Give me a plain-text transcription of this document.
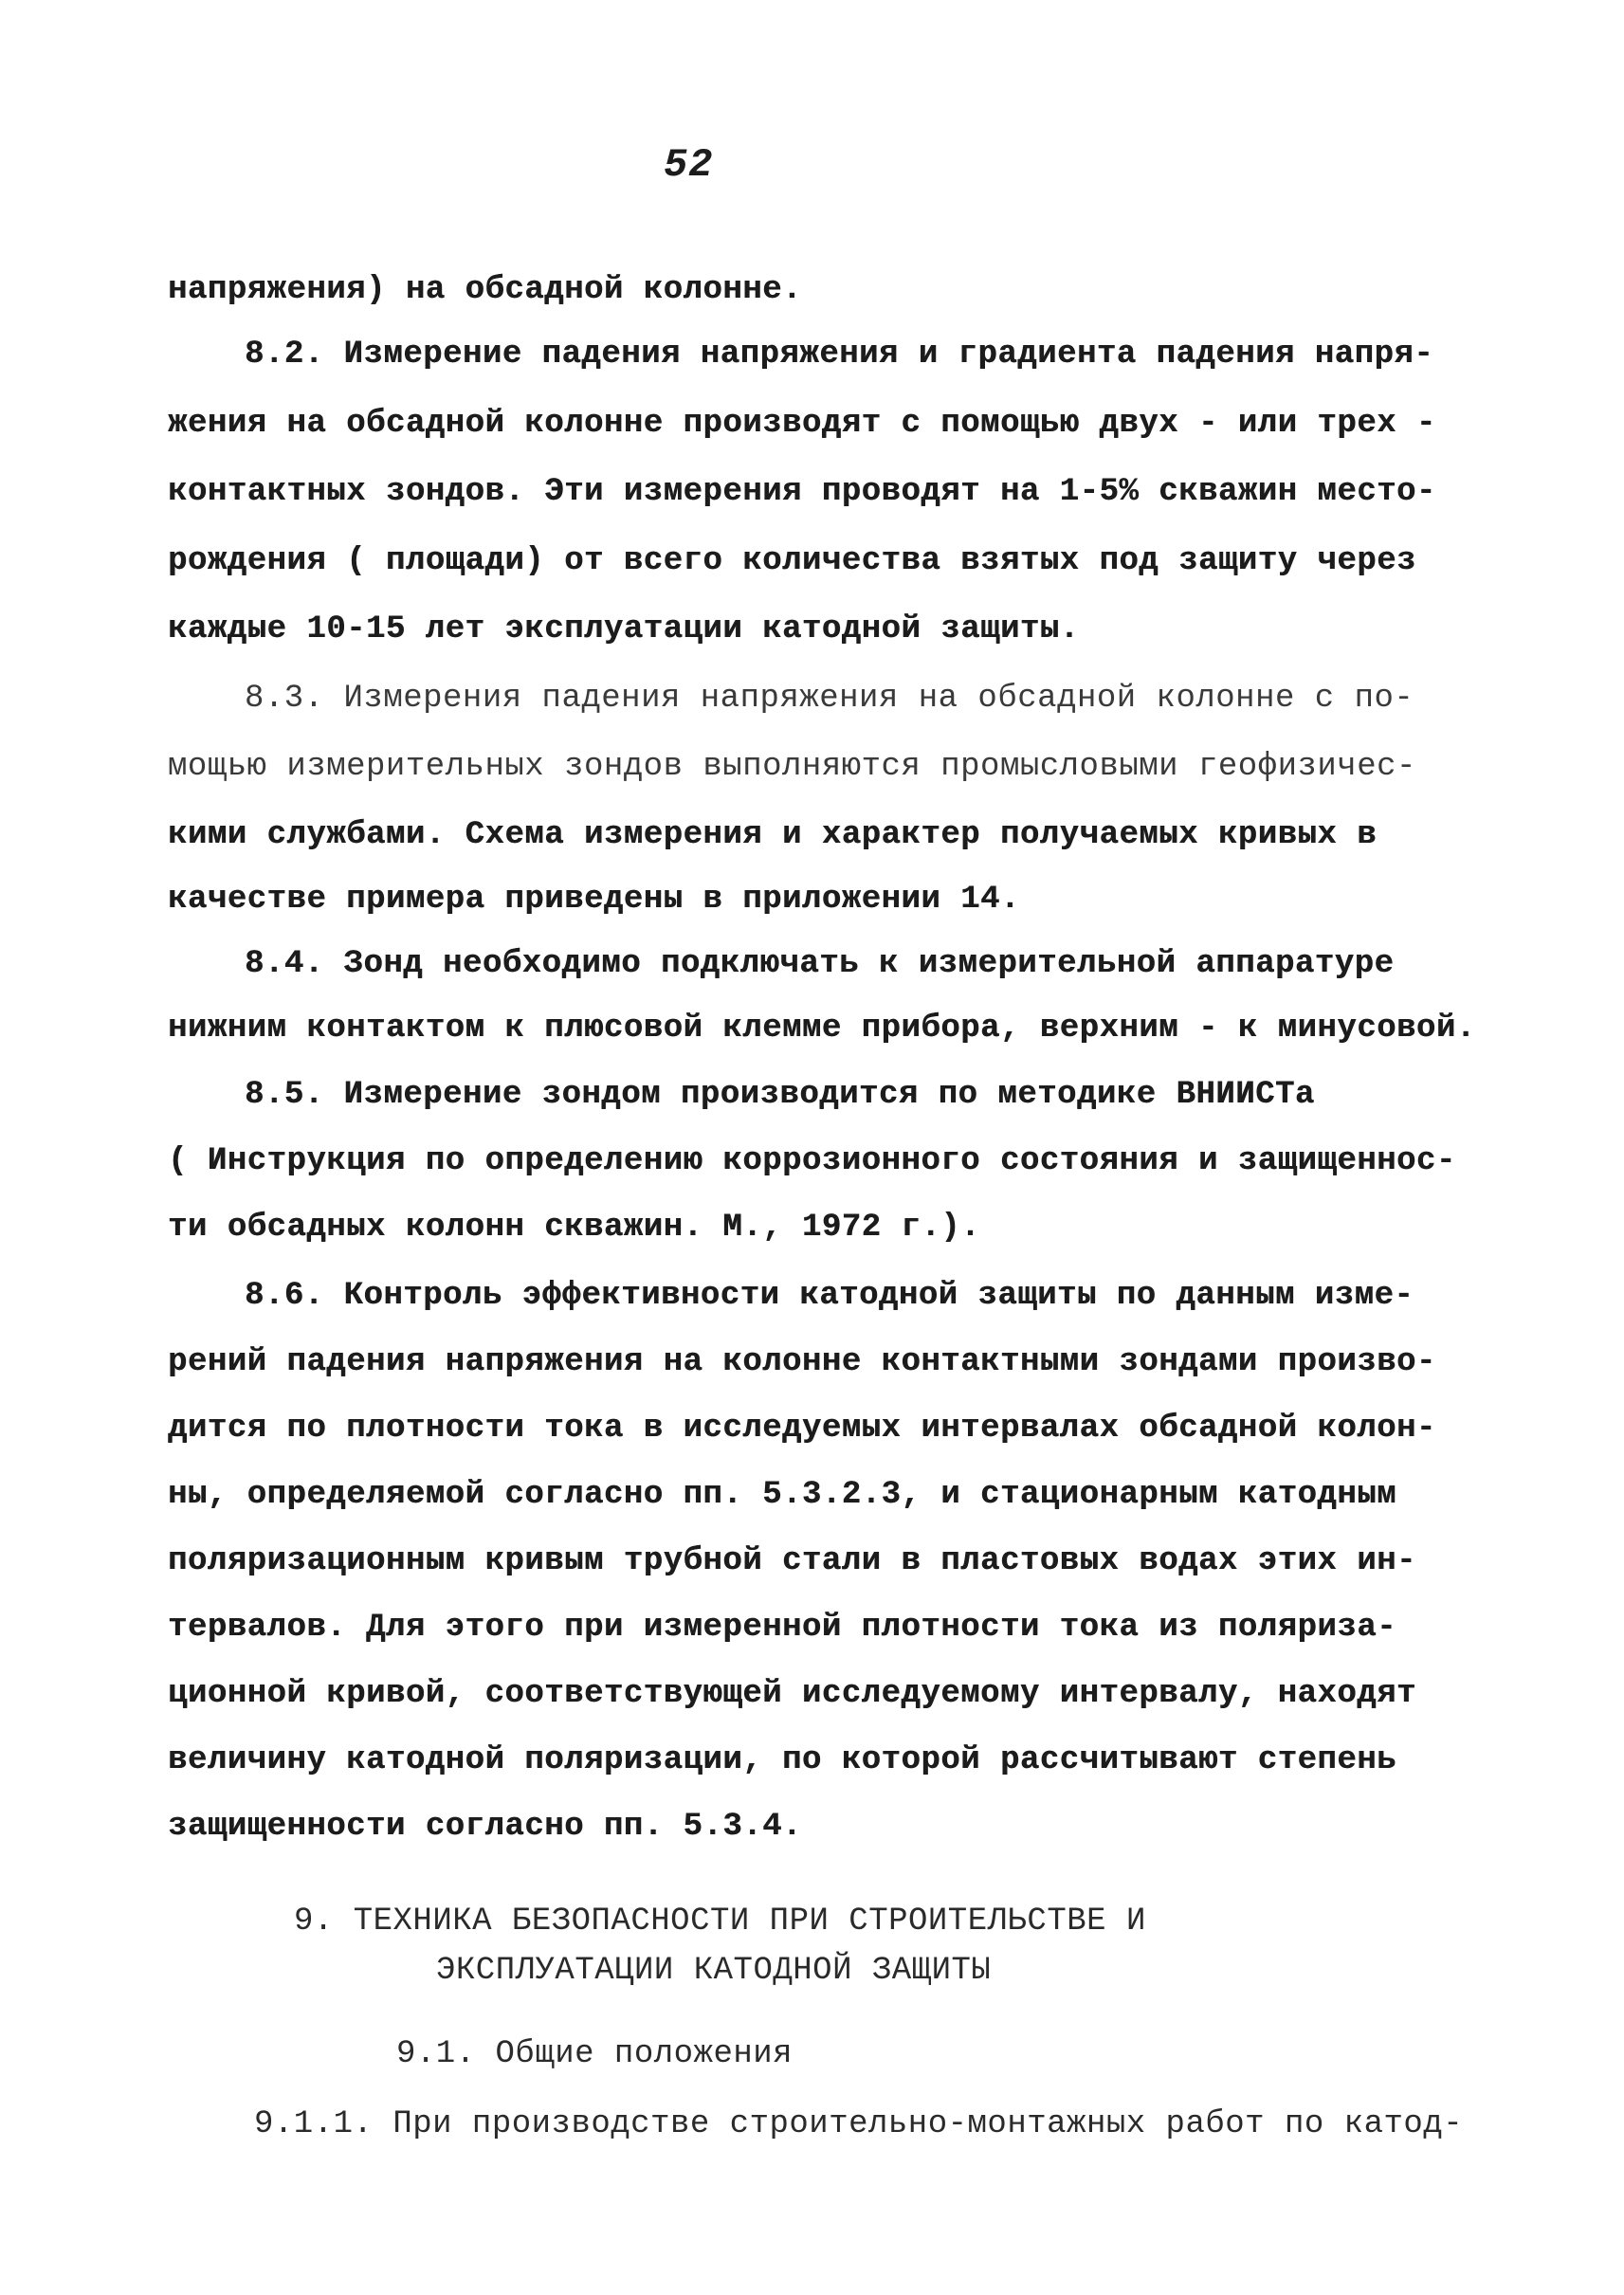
52
напряжения) на обсадной колонне.
8.2. Измерение падения напряжения и градиента падения напря-
жения на обсадной колонне производят с помощью двух - или трех -
контактных зондов. Эти измерения проводят на 1-5% скважин место-
рождения ( площади) от всего количества взятых под защиту через
каждые 10-15 лет эксплуатации катодной защиты.
8.3. Измерения падения напряжения на обсадной колонне с по-
мощью измерительных зондов выполняются промысловыми геофизичес-
кими службами. Схема измерения и характер получаемых кривых в
качестве примера приведены в приложении 14.
8.4. Зонд необходимо подключать к измерительной аппаратуре
нижним контактом к плюсовой клемме прибора, верхним - к минусовой.
8.5. Измерение зондом производится по методике ВНИИСТа
( Инструкция по определению коррозионного состояния и защищеннос-
ти обсадных колонн скважин. М., 1972 г.).
8.6. Контроль эффективности катодной защиты по данным изме-
рений падения напряжения на колонне контактными зондами произво-
дится по плотности тока в исследуемых интервалах обсадной колон-
ны, определяемой согласно пп. 5.3.2.3, и стационарным катодным
поляризационным кривым трубной стали в пластовых водах этих ин-
тервалов. Для этого при измеренной плотности тока из поляриза-
ционной кривой, соответствующей исследуемому интервалу, находят
величину катодной поляризации, по которой рассчитывают степень
защищенности согласно пп. 5.3.4.
9. ТЕХНИКА БЕЗОПАСНОСТИ ПРИ СТРОИТЕЛЬСТВЕ И
ЭКСПЛУАТАЦИИ КАТОДНОЙ ЗАЩИТЫ
9.1. Общие положения
9.1.1. При производстве строительно-монтажных работ по катод-
